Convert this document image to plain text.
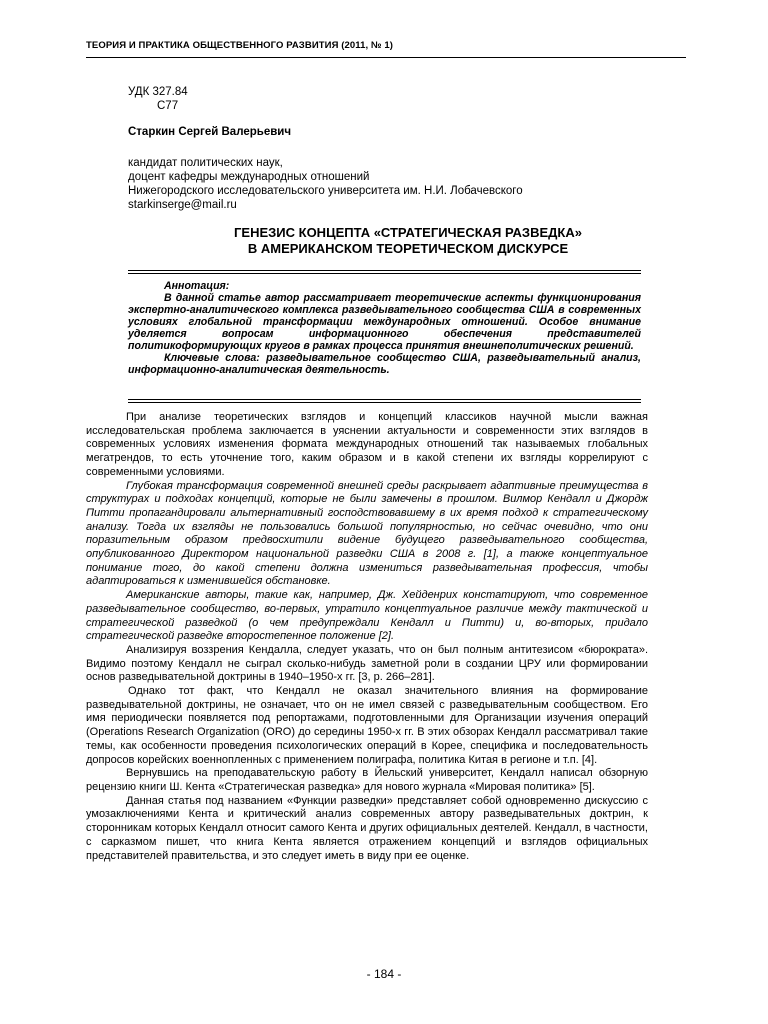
ТЕОРИЯ И ПРАКТИКА ОБЩЕСТВЕННОГО РАЗВИТИЯ (2011, № 1)
УДК 327.84
С77
Старкин Сергей Валерьевич
кандидат политических наук,
доцент кафедры международных отношений
Нижегородского исследовательского университета им. Н.И. Лобачевского
starkinserge@mail.ru
ГЕНЕЗИС КОНЦЕПТА «СТРАТЕГИЧЕСКАЯ РАЗВЕДКА»
В АМЕРИКАНСКОМ ТЕОРЕТИЧЕСКОМ ДИСКУРСЕ
Аннотация:
В данной статье автор рассматривает теоретические аспекты функционирования экспертно-аналитического комплекса разведывательного сообщества США в современных условиях глобальной трансформации международных отношений. Особое внимание уделяется вопросам информационного обеспечения представителей политикоформирующих кругов в рамках процесса принятия внешнеполитических решений.
Ключевые слова: разведывательное сообщество США, разведывательный анализ, информационно-аналитическая деятельность.

При анализе теоретических взглядов и концепций классиков научной мысли важная исследовательская проблема заключается в уяснении актуальности и современности этих взглядов в современных условиях изменения формата международных отношений так называемых глобальных мегатрендов, то есть уточнение того, каким образом и в какой степени их взгляды коррелируют с современными условиями.

Глубокая трансформация современной внешней среды раскрывает адаптивные преимущества в структурах и подходах концепций, которые не были замечены в прошлом. Вилмор Кендалл и Джордж Питти пропагандировали альтернативный господствовавшему в их время подход к стратегическому анализу. Тогда их взгляды не пользовались большой популярностью, но сейчас очевидно, что они поразительным образом предвосхитили видение будущего разведывательного сообщества, опубликованного Директором национальной разведки США в 2008 г. [1], а также концептуальное понимание того, до какой степени должна измениться разведывательная профессия, чтобы адаптироваться к изменившейся обстановке.

Американские авторы, такие как, например, Дж. Хейденрих констатируют, что современное разведывательное сообщество, во-первых, утратило концептуальное различие между тактической и стратегической разведкой (о чем предупреждали Кендалл и Питти) и, во-вторых, придало стратегической разведке второстепенное положение [2].

Анализируя воззрения Кендалла, следует указать, что он был полным антитезисом «бюрократа». Видимо поэтому Кендалл не сыграл сколько-нибудь заметной роли в создании ЦРУ или формировании основ разведывательной доктрины в 1940–1950-х гг. [3, р. 266–281].

Однако тот факт, что Кендалл не оказал значительного влияния на формирование разведывательной доктрины, не означает, что он не имел связей с разведывательным сообществом. Его имя периодически появляется под репортажами, подготовленными для Организации изучения операций (Operations Research Organization (ORO) до середины 1950-х гг. В этих обзорах Кендалл рассматривал такие темы, как особенности проведения психологических операций в Корее, специфика и последовательность допросов корейских военнопленных с применением полиграфа, политика Китая в регионе и т.п. [4].

Вернувшись на преподавательскую работу в Йельский университет, Кендалл написал обзорную рецензию книги Ш. Кента «Стратегическая разведка» для нового журнала «Мировая политика» [5].

Данная статья под названием «Функции разведки» представляет собой одновременно дискуссию с умозаключениями Кента и критический анализ современных автору разведывательных доктрин, к сторонникам которых Кендалл относит самого Кента и других официальных деятелей. Кендалл, в частности, с сарказмом пишет, что книга Кента является отражением концепций и взглядов официальных представителей правительства, и это следует иметь в виду при ее оценке.

- 184 -
